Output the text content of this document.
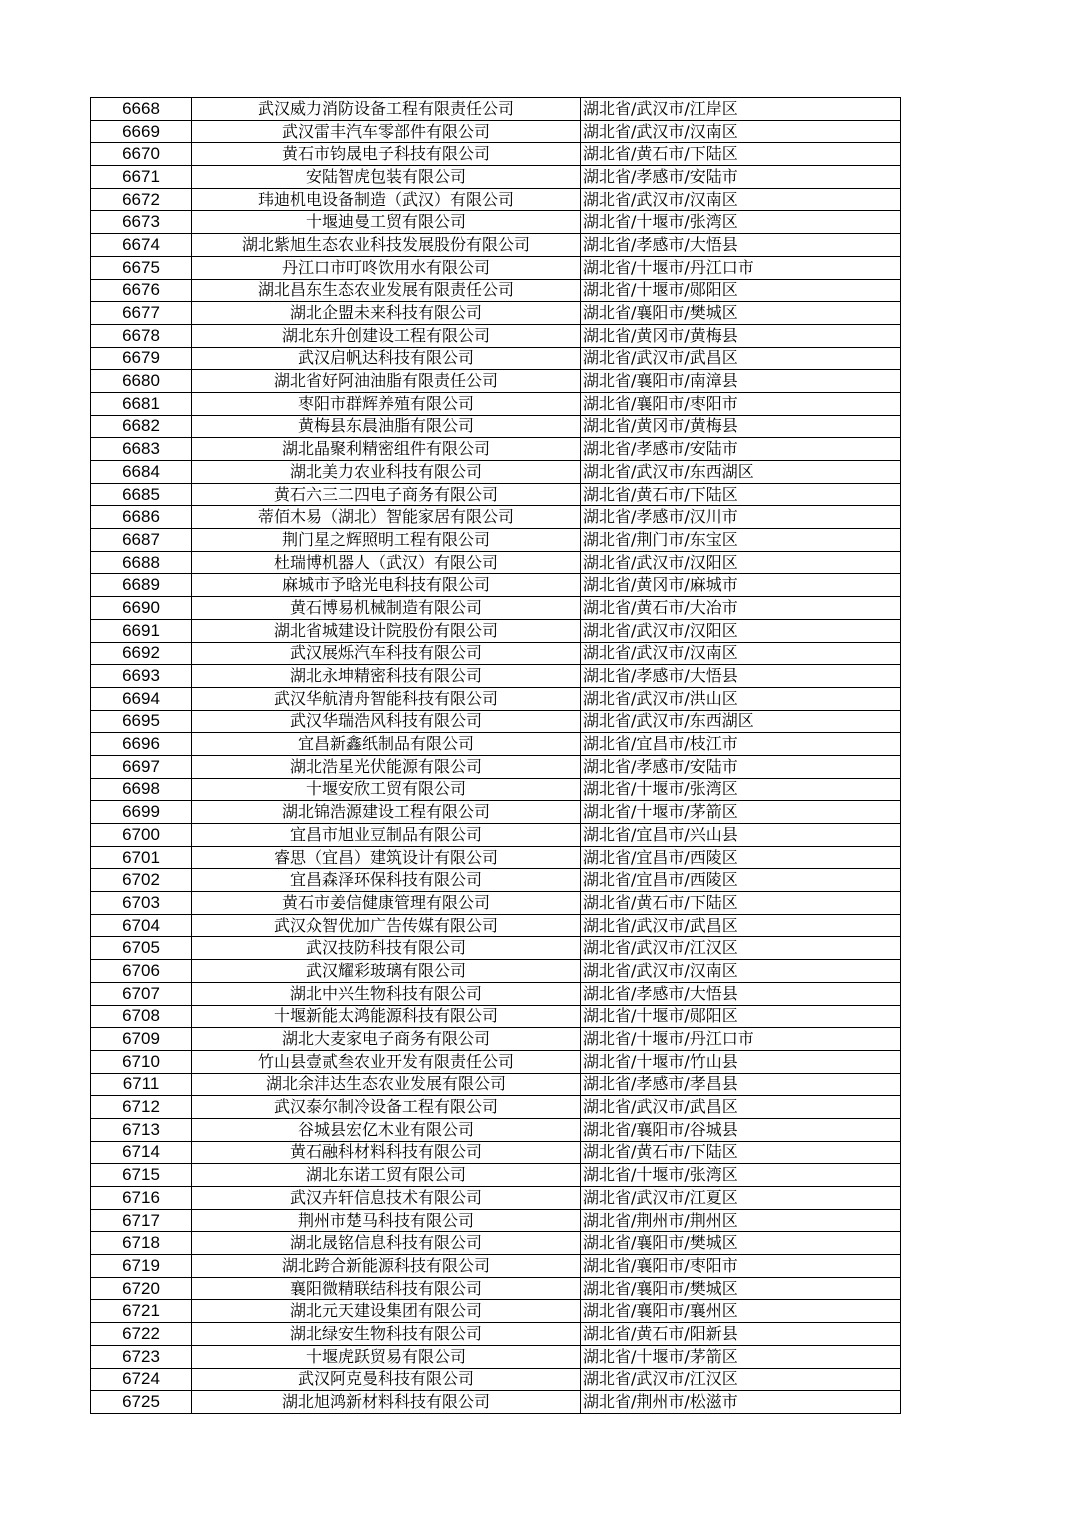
6668	武汉威力消防设备工程有限责任公司	湖北省/武汉市/江岸区
6669	武汉雷丰汽车零部件有限公司	湖北省/武汉市/汉南区
6670	黄石市钧晟电子科技有限公司	湖北省/黄石市/下陆区
6671	安陆智虎包装有限公司	湖北省/孝感市/安陆市
6672	玮迪机电设备制造（武汉）有限公司	湖北省/武汉市/汉南区
6673	十堰迪曼工贸有限公司	湖北省/十堰市/张湾区
6674	湖北紫旭生态农业科技发展股份有限公司	湖北省/孝感市/大悟县
6675	丹江口市叮咚饮用水有限公司	湖北省/十堰市/丹江口市
6676	湖北昌东生态农业发展有限责任公司	湖北省/十堰市/郧阳区
6677	湖北企盟未来科技有限公司	湖北省/襄阳市/樊城区
6678	湖北东升创建设工程有限公司	湖北省/黄冈市/黄梅县
6679	武汉启帆达科技有限公司	湖北省/武汉市/武昌区
6680	湖北省好阿油油脂有限责任公司	湖北省/襄阳市/南漳县
6681	枣阳市群辉养殖有限公司	湖北省/襄阳市/枣阳市
6682	黄梅县东晨油脂有限公司	湖北省/黄冈市/黄梅县
6683	湖北晶聚利精密组件有限公司	湖北省/孝感市/安陆市
6684	湖北美力农业科技有限公司	湖北省/武汉市/东西湖区
6685	黄石六三二四电子商务有限公司	湖北省/黄石市/下陆区
6686	蒂佰木易（湖北）智能家居有限公司	湖北省/孝感市/汉川市
6687	荆门星之辉照明工程有限公司	湖北省/荆门市/东宝区
6688	杜瑞博机器人（武汉）有限公司	湖北省/武汉市/汉阳区
6689	麻城市予晗光电科技有限公司	湖北省/黄冈市/麻城市
6690	黄石博易机械制造有限公司	湖北省/黄石市/大冶市
6691	湖北省城建设计院股份有限公司	湖北省/武汉市/汉阳区
6692	武汉展烁汽车科技有限公司	湖北省/武汉市/汉南区
6693	湖北永坤精密科技有限公司	湖北省/孝感市/大悟县
6694	武汉华航清舟智能科技有限公司	湖北省/武汉市/洪山区
6695	武汉华瑞浩风科技有限公司	湖北省/武汉市/东西湖区
6696	宜昌新鑫纸制品有限公司	湖北省/宜昌市/枝江市
6697	湖北浩星光伏能源有限公司	湖北省/孝感市/安陆市
6698	十堰安欣工贸有限公司	湖北省/十堰市/张湾区
6699	湖北锦浩源建设工程有限公司	湖北省/十堰市/茅箭区
6700	宜昌市旭业豆制品有限公司	湖北省/宜昌市/兴山县
6701	睿思（宜昌）建筑设计有限公司	湖北省/宜昌市/西陵区
6702	宜昌森泽环保科技有限公司	湖北省/宜昌市/西陵区
6703	黄石市姜信健康管理有限公司	湖北省/黄石市/下陆区
6704	武汉众智优加广告传媒有限公司	湖北省/武汉市/武昌区
6705	武汉技防科技有限公司	湖北省/武汉市/江汉区
6706	武汉耀彩玻璃有限公司	湖北省/武汉市/汉南区
6707	湖北中兴生物科技有限公司	湖北省/孝感市/大悟县
6708	十堰新能太鸿能源科技有限公司	湖北省/十堰市/郧阳区
6709	湖北大麦家电子商务有限公司	湖北省/十堰市/丹江口市
6710	竹山县壹贰叁农业开发有限责任公司	湖北省/十堰市/竹山县
6711	湖北余沣达生态农业发展有限公司	湖北省/孝感市/孝昌县
6712	武汉泰尔制冷设备工程有限公司	湖北省/武汉市/武昌区
6713	谷城县宏亿木业有限公司	湖北省/襄阳市/谷城县
6714	黄石融科材料科技有限公司	湖北省/黄石市/下陆区
6715	湖北东诺工贸有限公司	湖北省/十堰市/张湾区
6716	武汉卉轩信息技术有限公司	湖北省/武汉市/江夏区
6717	荆州市楚马科技有限公司	湖北省/荆州市/荆州区
6718	湖北晟铭信息科技有限公司	湖北省/襄阳市/樊城区
6719	湖北跨合新能源科技有限公司	湖北省/襄阳市/枣阳市
6720	襄阳微精联结科技有限公司	湖北省/襄阳市/樊城区
6721	湖北元天建设集团有限公司	湖北省/襄阳市/襄州区
6722	湖北绿安生物科技有限公司	湖北省/黄石市/阳新县
6723	十堰虎跃贸易有限公司	湖北省/十堰市/茅箭区
6724	武汉阿克曼科技有限公司	湖北省/武汉市/江汉区
6725	湖北旭鸿新材料科技有限公司	湖北省/荆州市/松滋市
